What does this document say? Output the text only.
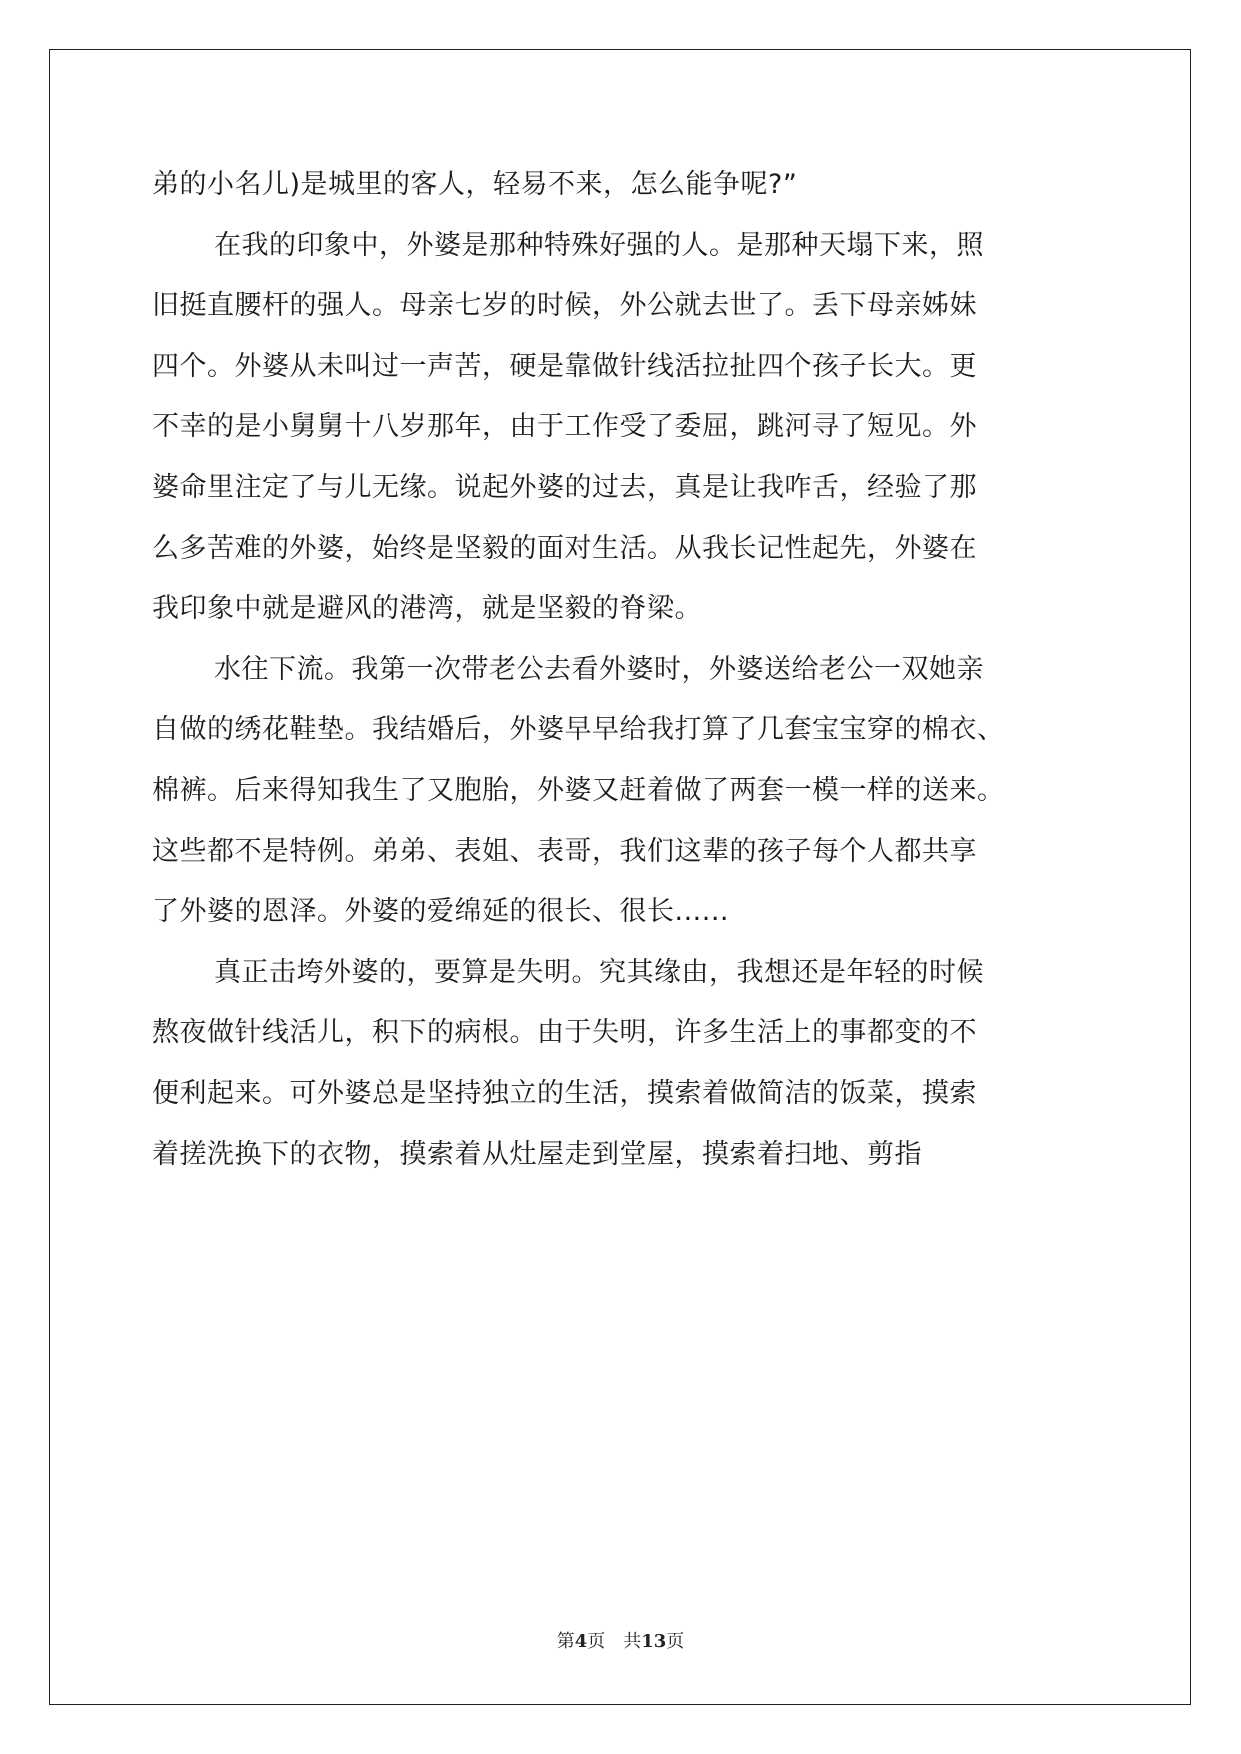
弟的小名儿)是城里的客人，轻易不来，怎么能争呢?”
在我的印象中，外婆是那种特殊好强的人。是那种天塌下来，照
旧挺直腰杆的强人。母亲七岁的时候，外公就去世了。丢下母亲姊妹
四个。外婆从未叫过一声苦，硬是靠做针线活拉扯四个孩子长大。更
不幸的是小舅舅十八岁那年，由于工作受了委屈，跳河寻了短见。外
婆命里注定了与儿无缘。说起外婆的过去，真是让我咋舌，经验了那
么多苦难的外婆，始终是坚毅的面对生活。从我长记性起先，外婆在
我印象中就是避风的港湾，就是坚毅的脊梁。
水往下流。我第一次带老公去看外婆时，外婆送给老公一双她亲
自做的绣花鞋垫。我结婚后，外婆早早给我打算了几套宝宝穿的棉衣、
棉裤。后来得知我生了又胞胎，外婆又赶着做了两套一模一样的送来。
这些都不是特例。弟弟、表姐、表哥，我们这辈的孩子每个人都共享
了外婆的恩泽。外婆的爱绵延的很长、很长......
真正击垮外婆的，要算是失明。究其缘由，我想还是年轻的时候
熬夜做针线活儿，积下的病根。由于失明，许多生活上的事都变的不
便利起来。可外婆总是坚持独立的生活，摸索着做简洁的饭菜，摸索
着搓洗换下的衣物，摸索着从灶屋走到堂屋，摸索着扫地、剪指
第4页 共13页
